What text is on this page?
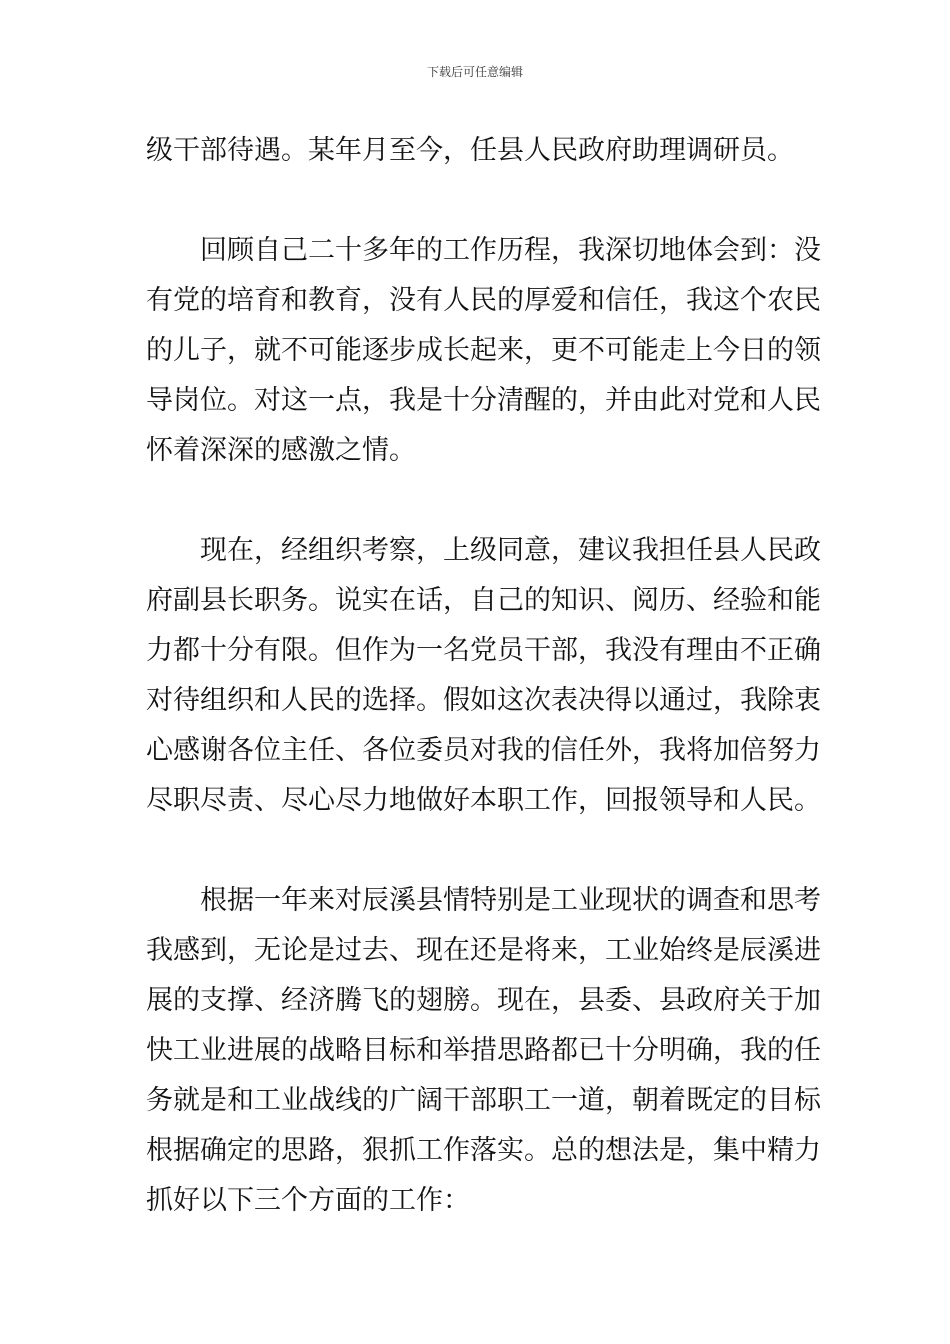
下载后可任意编辑
级干部待遇。某年月至今，任县人民政府助理调研员。
回顾自己二十多年的工作历程，我深切地体会到：没
有党的培育和教育，没有人民的厚爱和信任，我这个农民
的儿子，就不可能逐步成长起来，更不可能走上今日的领
导岗位。对这一点，我是十分清醒的，并由此对党和人民
怀着深深的感激之情。
现在，经组织考察，上级同意，建议我担任县人民政
府副县长职务。说实在话，自己的知识、阅历、经验和能
力都十分有限。但作为一名党员干部，我没有理由不正确
对待组织和人民的选择。假如这次表决得以通过，我除衷
心感谢各位主任、各位委员对我的信任外，我将加倍努力
尽职尽责、尽心尽力地做好本职工作，回报领导和人民。
根据一年来对辰溪县情特别是工业现状的调查和思考
我感到，无论是过去、现在还是将来，工业始终是辰溪进
展的支撑、经济腾飞的翅膀。现在，县委、县政府关于加
快工业进展的战略目标和举措思路都已十分明确，我的任
务就是和工业战线的广阔干部职工一道，朝着既定的目标
根据确定的思路，狠抓工作落实。总的想法是，集中精力
抓好以下三个方面的工作：
